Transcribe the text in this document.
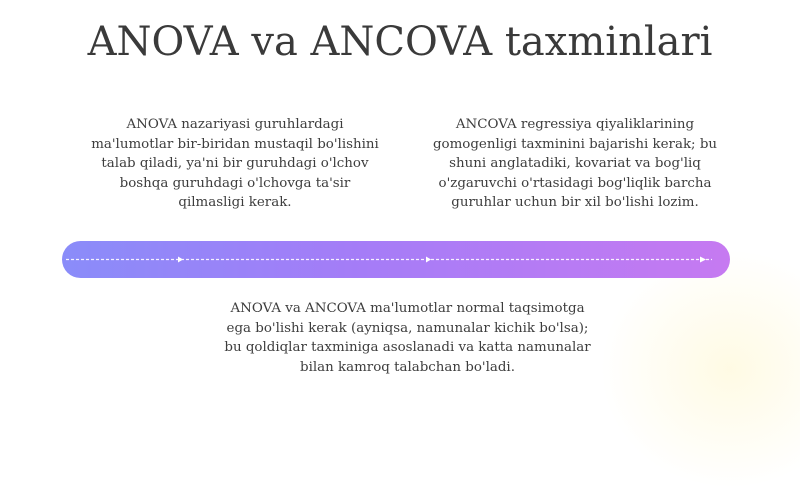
ANOVA va ANCOVA taxminlari

ANOVA nazariyasi guruhlardagi ma'lumotlar bir-biridan mustaqil bo'lishini talab qiladi, ya'ni bir guruhdagi o'lchov boshqa guruhdagi o'lchovga ta'sir qilmasligi kerak.

ANCOVA regressiya qiyaliklarining gomogenligi taxminini bajarishi kerak; bu shuni anglatadiki, kovariat va bog'liq o'zgaruvchi o'rtasidagi bog'liqlik barcha guruhlar uchun bir xil bo'lishi lozim.

ANOVA va ANCOVA ma'lumotlar normal taqsimotga ega bo'lishi kerak (ayniqsa, namunalar kichik bo'lsa); bu qoldiqlar taxminiga asoslanadi va katta namunalar bilan kamroq talabchan bo'ladi.
